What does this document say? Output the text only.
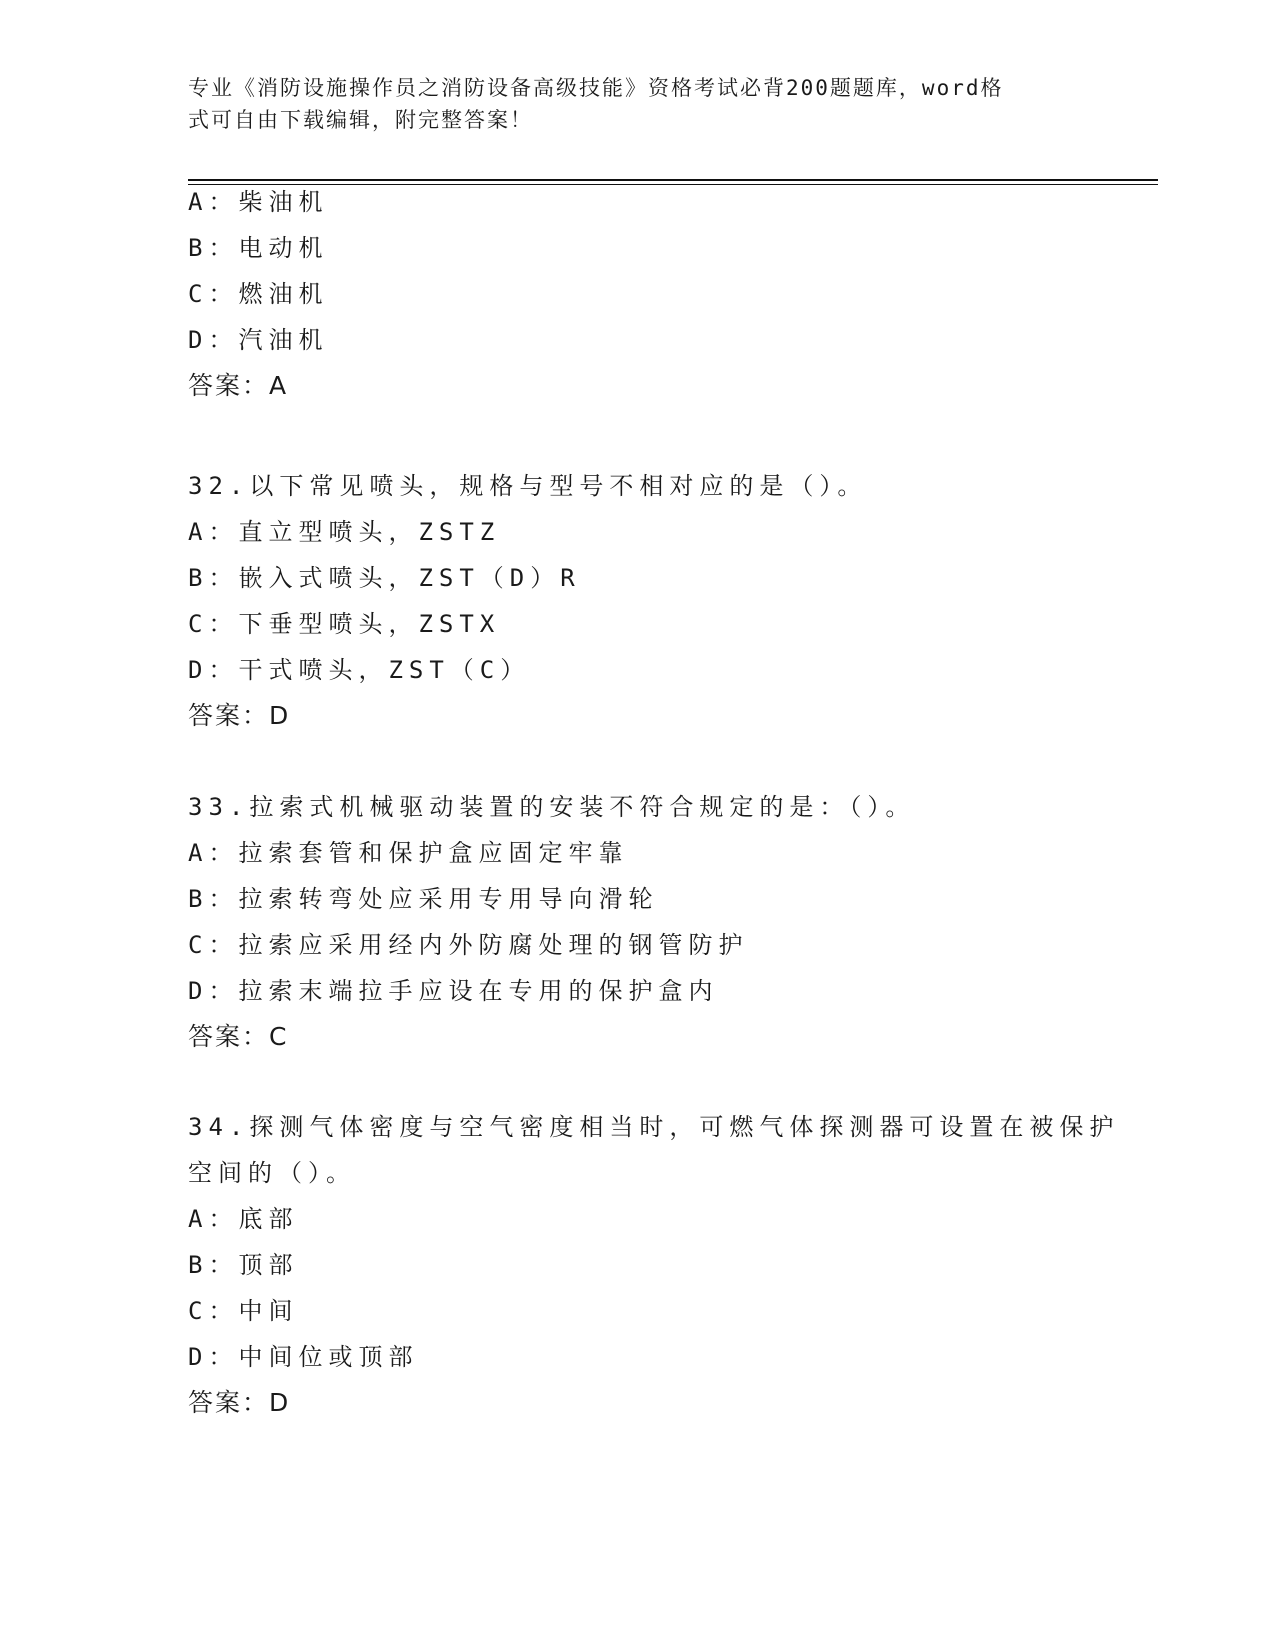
专业《消防设施操作员之消防设备高级技能》资格考试必背200题题库，word格
式可自由下载编辑，附完整答案！
A：柴油机
B：电动机
C：燃油机
D：汽油机
答案：A
32.以下常见喷头，规格与型号不相对应的是（）。
A：直立型喷头，ZSTZ
B：嵌入式喷头，ZST（D）R
C：下垂型喷头，ZSTX
D：干式喷头，ZST（C）
答案：D
33.拉索式机械驱动装置的安装不符合规定的是：（）。
A：拉索套管和保护盒应固定牢靠
B：拉索转弯处应采用专用导向滑轮
C：拉索应采用经内外防腐处理的钢管防护
D：拉索末端拉手应设在专用的保护盒内
答案：C
34.探测气体密度与空气密度相当时，可燃气体探测器可设置在被保护
空间的（）。
A：底部
B：顶部
C：中间
D：中间位或顶部
答案：D
